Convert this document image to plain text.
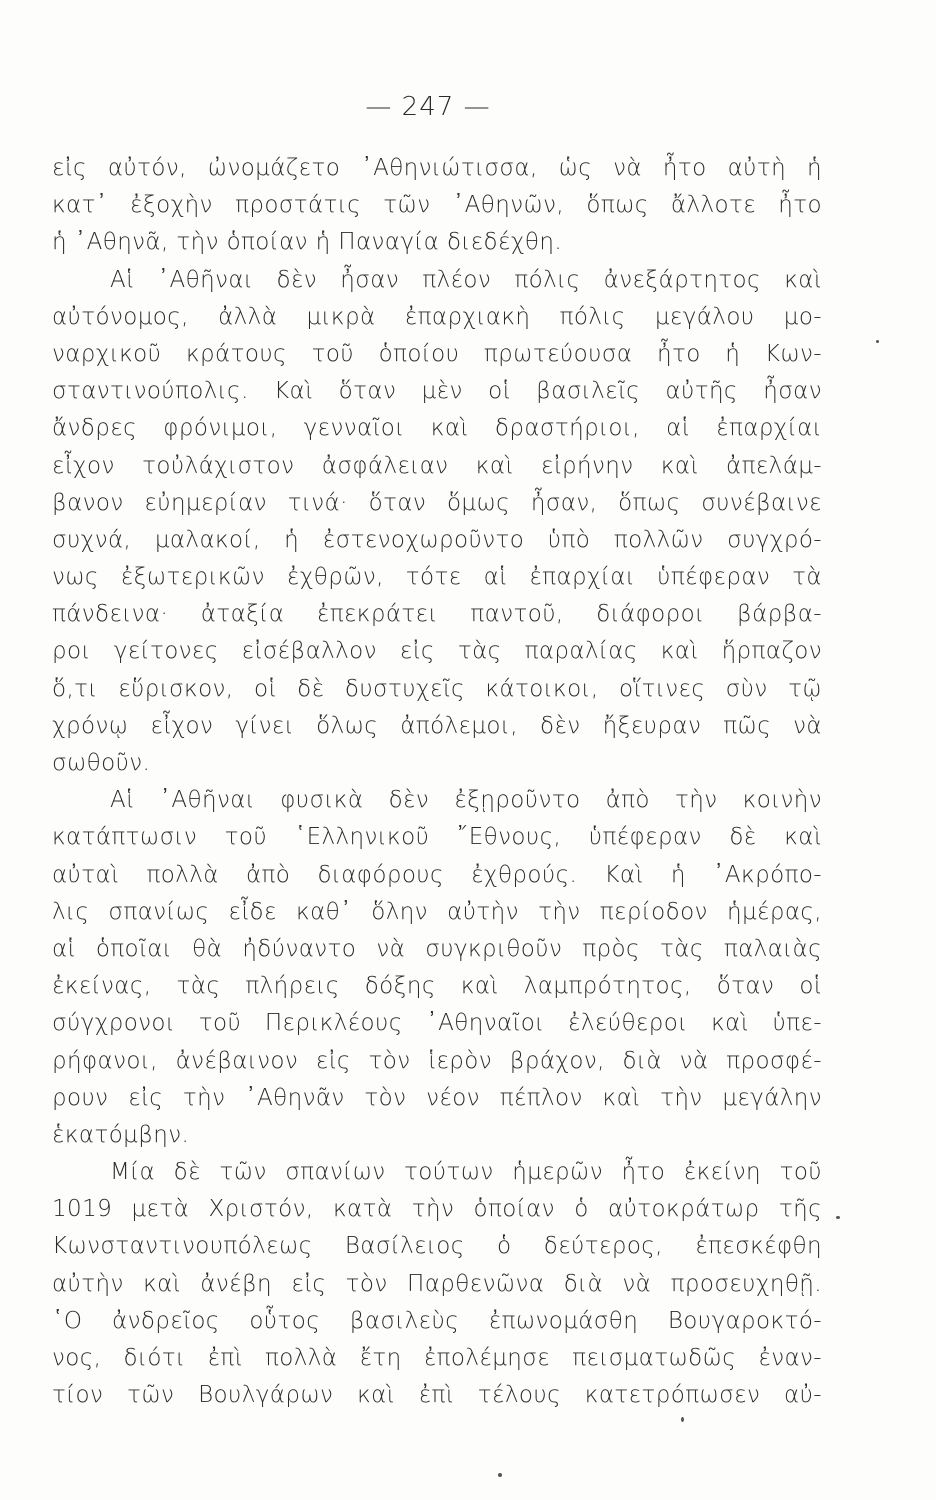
— 247 —
εἰς αὐτόν, ὠνομάζετο ᾿Αθηνιώτισσα, ὡς νὰ ἦτο αὐτὴ ἡ
κατ᾿ ἐξοχὴν προστάτις τῶν ᾿Αθηνῶν, ὅπως ἄλλοτε ἦτο
ἡ ᾿Αθηνᾶ, τὴν ὁποίαν ἡ Παναγία διεδέχθη.
Αἱ ᾿Αθῆναι δὲν ἦσαν πλέον πόλις ἀνεξάρτητος καὶ
αὐτόνομος, ἀλλὰ μικρὰ ἐπαρχιακὴ πόλις μεγάλου μο-
ναρχικοῦ κράτους τοῦ ὁποίου πρωτεύουσα ἦτο ἡ Κων-
σταντινούπολις. Καὶ ὅταν μὲν οἱ βασιλεῖς αὐτῆς ἦσαν
ἄνδρες φρόνιμοι, γενναῖοι καὶ δραστήριοι, αἱ ἐπαρχίαι
εἶχον τοὐλάχιστον ἀσφάλειαν καὶ εἰρήνην καὶ ἀπελάμ-
βανον εὐημερίαν τινά· ὅταν ὅμως ἦσαν, ὅπως συνέβαινε
συχνά, μαλακοί, ἡ ἐστενοχωροῦντο ὑπὸ πολλῶν συγχρό-
νως ἐξωτερικῶν ἐχθρῶν, τότε αἱ ἐπαρχίαι ὑπέφεραν τὰ
πάνδεινα· ἀταξία ἐπεκράτει παντοῦ, διάφοροι βάρβα-
ροι γείτονες εἰσέβαλλον εἰς τὰς παραλίας καὶ ἥρπαζον
ὅ,τι εὕρισκον, οἱ δὲ δυστυχεῖς κάτοικοι, οἵτινες σὺν τῷ
χρόνῳ εἶχον γίνει ὅλως ἀπόλεμοι, δὲν ἤξευραν πῶς νὰ
σωθοῦν.
Αἱ ᾿Αθῆναι φυσικὰ δὲν ἐξῃροῦντο ἀπὸ τὴν κοινὴν
κατάπτωσιν τοῦ ῾Ελληνικοῦ ῎Εθνους, ὑπέφεραν δὲ καὶ
αὐταὶ πολλὰ ἀπὸ διαφόρους ἐχθρούς. Καὶ ἡ ᾿Ακρόπο-
λις σπανίως εἶδε καθ᾿ ὅλην αὐτὴν τὴν περίοδον ἡμέρας,
αἱ ὁποῖαι θὰ ἠδύναντο νὰ συγκριθοῦν πρὸς τὰς παλαιὰς
ἐκείνας, τὰς πλήρεις δόξης καὶ λαμπρότητος, ὅταν οἱ
σύγχρονοι τοῦ Περικλέους ᾿Αθηναῖοι ἐλεύθεροι καὶ ὑπε-
ρήφανοι, ἀνέβαινον εἰς τὸν ἱερὸν βράχον, διὰ νὰ προσφέ-
ρουν εἰς τὴν ᾿Αθηνᾶν τὸν νέον πέπλον καὶ τὴν μεγάλην
ἑκατόμβην.
Μία δὲ τῶν σπανίων τούτων ἡμερῶν ἦτο ἐκείνη τοῦ
1019 μετὰ Χριστόν, κατὰ τὴν ὁποίαν ὁ αὐτοκράτωρ τῆς
Κωνσταντινουπόλεως Βασίλειος ὁ δεύτερος, ἐπεσκέφθη
αὐτὴν καὶ ἀνέβη εἰς τὸν Παρθενῶνα διὰ νὰ προσευχηθῇ.
῾Ο ἀνδρεῖος οὗτος βασιλεὺς ἐπωνομάσθη Βουγαροκτό-
νος, διότι ἐπὶ πολλὰ ἔτη ἐπολέμησε πεισματωδῶς ἐναν-
τίον τῶν Βουλγάρων καὶ ἐπὶ τέλους κατετρόπωσεν αὐ-
